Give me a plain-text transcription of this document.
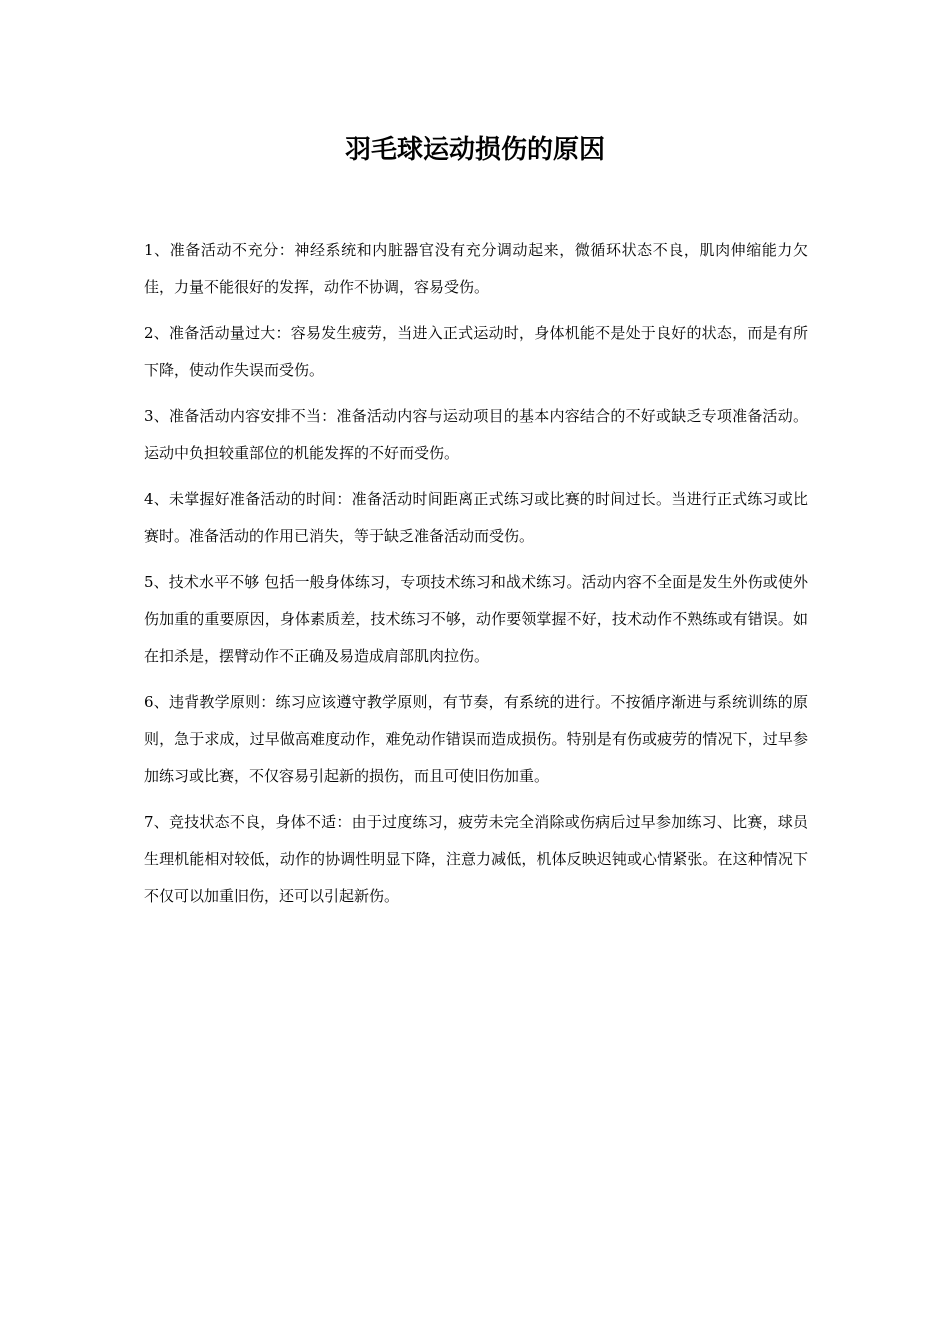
羽毛球运动损伤的原因

1、准备活动不充分：神经系统和内脏器官没有充分调动起来，微循环状态不良，肌肉伸缩能力欠佳，力量不能很好的发挥，动作不协调，容易受伤。

2、准备活动量过大：容易发生疲劳，当进入正式运动时，身体机能不是处于良好的状态，而是有所下降，使动作失误而受伤。

3、准备活动内容安排不当：准备活动内容与运动项目的基本内容结合的不好或缺乏专项准备活动。运动中负担较重部位的机能发挥的不好而受伤。

4、未掌握好准备活动的时间：准备活动时间距离正式练习或比赛的时间过长。当进行正式练习或比赛时。准备活动的作用已消失，等于缺乏准备活动而受伤。

5、技术水平不够 包括一般身体练习，专项技术练习和战术练习。活动内容不全面是发生外伤或使外伤加重的重要原因，身体素质差，技术练习不够，动作要领掌握不好，技术动作不熟练或有错误。如在扣杀是，摆臂动作不正确及易造成肩部肌肉拉伤。

6、违背教学原则：练习应该遵守教学原则，有节奏，有系统的进行。不按循序渐进与系统训练的原则，急于求成，过早做高难度动作，难免动作错误而造成损伤。特别是有伤或疲劳的情况下，过早参加练习或比赛，不仅容易引起新的损伤，而且可使旧伤加重。

7、竞技状态不良，身体不适：由于过度练习，疲劳未完全消除或伤病后过早参加练习、比赛，球员生理机能相对较低，动作的协调性明显下降，注意力减低，机体反映迟钝或心情紧张。在这种情况下不仅可以加重旧伤，还可以引起新伤。
